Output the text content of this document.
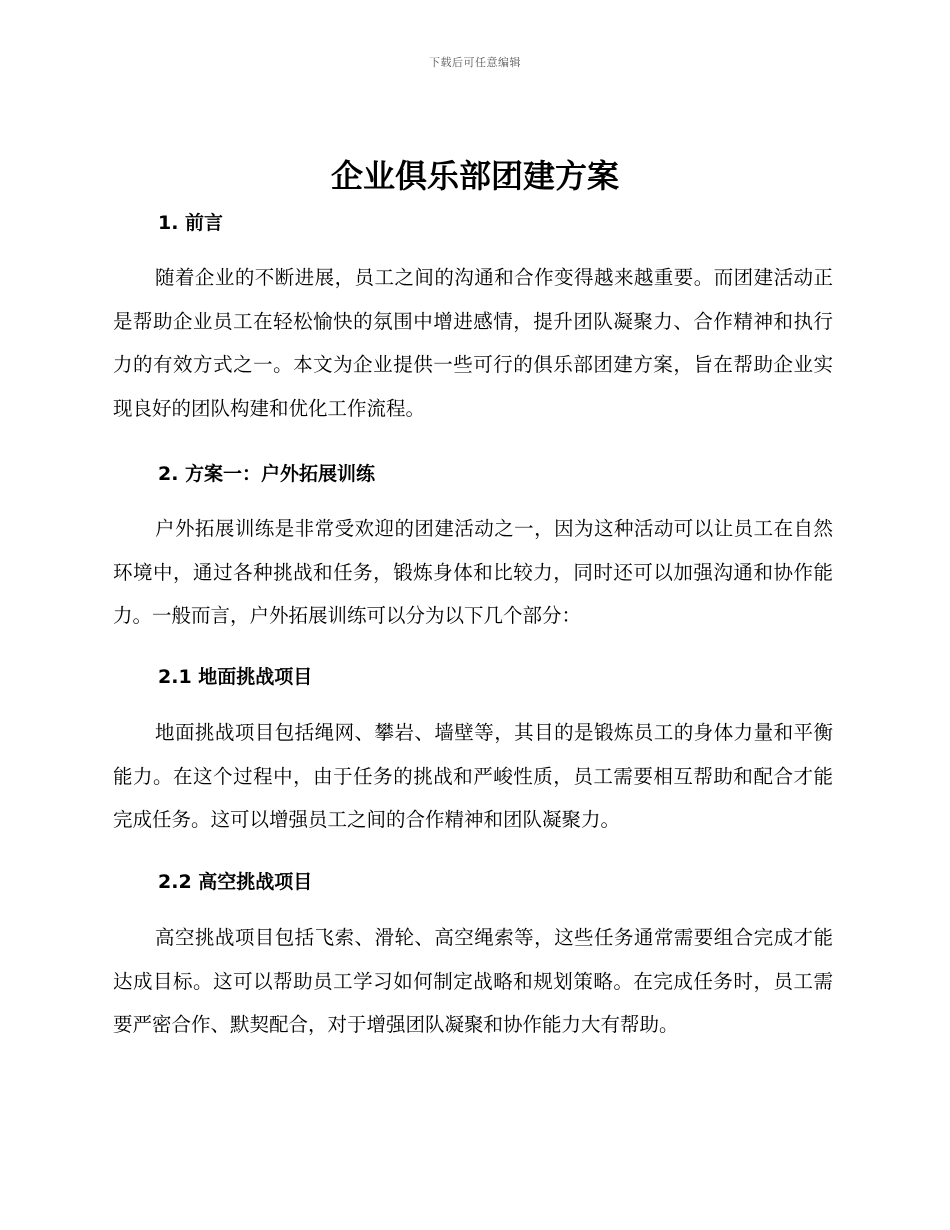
下载后可任意编辑
企业俱乐部团建方案
1. 前言

随着企业的不断进展，员工之间的沟通和合作变得越来越重要。而团建活动正是帮助企业员工在轻松愉快的氛围中增进感情，提升团队凝聚力、合作精神和执行力的有效方式之一。本文为企业提供一些可行的俱乐部团建方案，旨在帮助企业实现良好的团队构建和优化工作流程。

2. 方案一：户外拓展训练

户外拓展训练是非常受欢迎的团建活动之一，因为这种活动可以让员工在自然环境中，通过各种挑战和任务，锻炼身体和比较力，同时还可以加强沟通和协作能力。一般而言，户外拓展训练可以分为以下几个部分：

2.1 地面挑战项目

地面挑战项目包括绳网、攀岩、墙壁等，其目的是锻炼员工的身体力量和平衡能力。在这个过程中，由于任务的挑战和严峻性质，员工需要相互帮助和配合才能完成任务。这可以增强员工之间的合作精神和团队凝聚力。

2.2 高空挑战项目

高空挑战项目包括飞索、滑轮、高空绳索等，这些任务通常需要组合完成才能达成目标。这可以帮助员工学习如何制定战略和规划策略。在完成任务时，员工需要严密合作、默契配合，对于增强团队凝聚和协作能力大有帮助。
